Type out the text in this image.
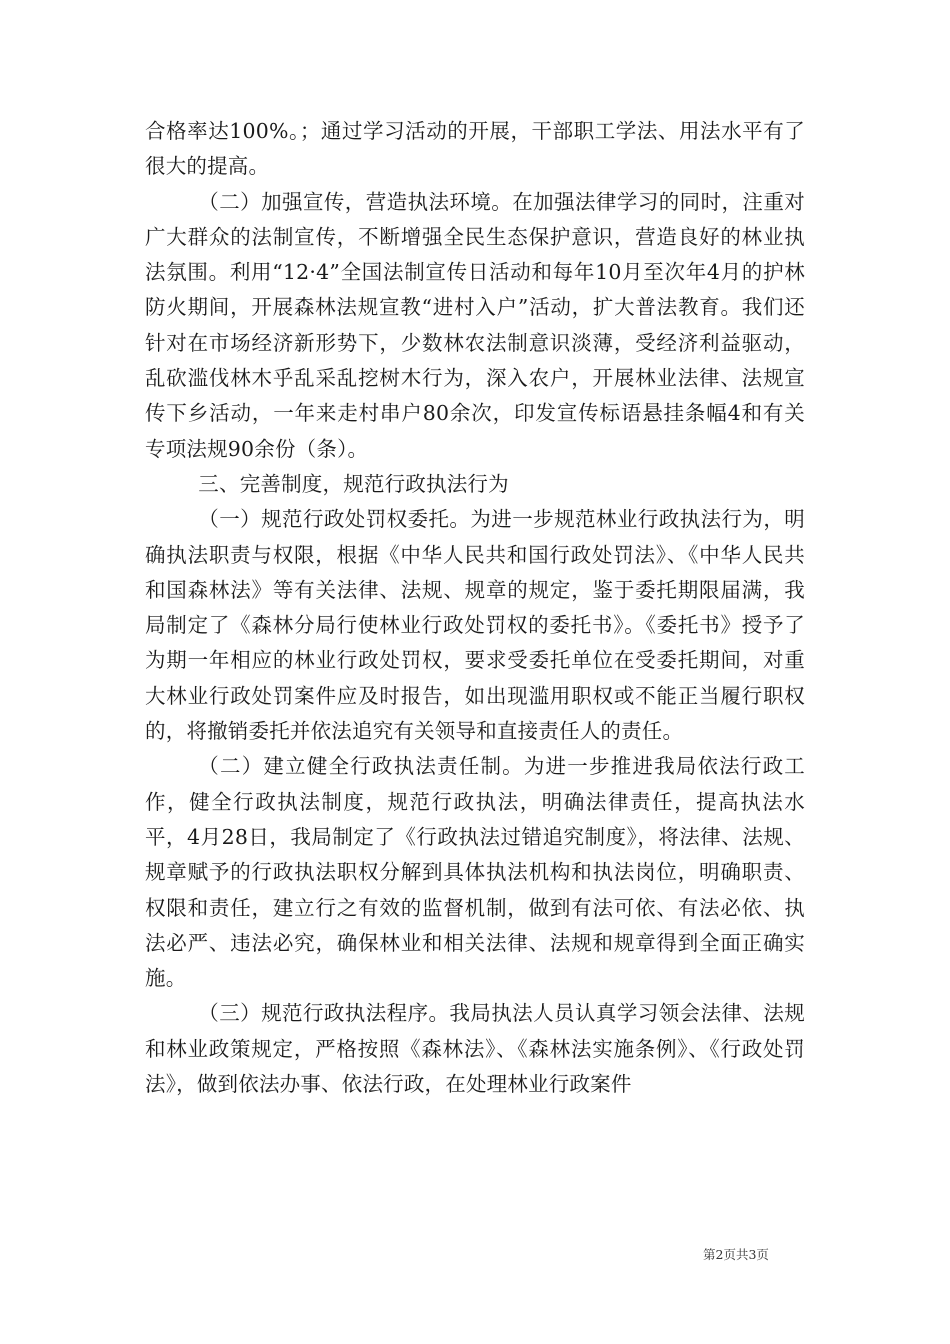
合格率达100%。；通过学习活动的开展，干部职工学法、用法水平有了很大的提高。

（二）加强宣传，营造执法环境。在加强法律学习的同时，注重对广大群众的法制宣传，不断增强全民生态保护意识，营造良好的林业执法氛围。利用“12·4”全国法制宣传日活动和每年10月至次年4月的护林防火期间，开展森林法规宣教“进村入户”活动，扩大普法教育。我们还针对在市场经济新形势下，少数林农法制意识淡薄，受经济利益驱动，乱砍滥伐林木乎乱采乱挖树木行为，深入农户，开展林业法律、法规宣传下乡活动，一年来走村串户80余次，印发宣传标语悬挂条幅4和有关专项法规90余份（条）。

三、完善制度，规范行政执法行为

（一）规范行政处罚权委托。为进一步规范林业行政执法行为，明确执法职责与权限，根据《中华人民共和国行政处罚法》、《中华人民共和国森林法》等有关法律、法规、规章的规定，鉴于委托期限届满，我局制定了《森林分局行使林业行政处罚权的委托书》。《委托书》授予了为期一年相应的林业行政处罚权，要求受委托单位在受委托期间，对重大林业行政处罚案件应及时报告，如出现滥用职权或不能正当履行职权的，将撤销委托并依法追究有关领导和直接责任人的责任。

（二）建立健全行政执法责任制。为进一步推进我局依法行政工作，健全行政执法制度，规范行政执法，明确法律责任，提高执法水平，4月28日，我局制定了《行政执法过错追究制度》，将法律、法规、规章赋予的行政执法职权分解到具体执法机构和执法岗位，明确职责、权限和责任，建立行之有效的监督机制，做到有法可依、有法必依、执法必严、违法必究，确保林业和相关法律、法规和规章得到全面正确实施。

（三）规范行政执法程序。我局执法人员认真学习领会法律、法规和林业政策规定，严格按照《森林法》、《森林法实施条例》、《行政处罚法》，做到依法办事、依法行政，在处理林业行政案件

第2页共3页
